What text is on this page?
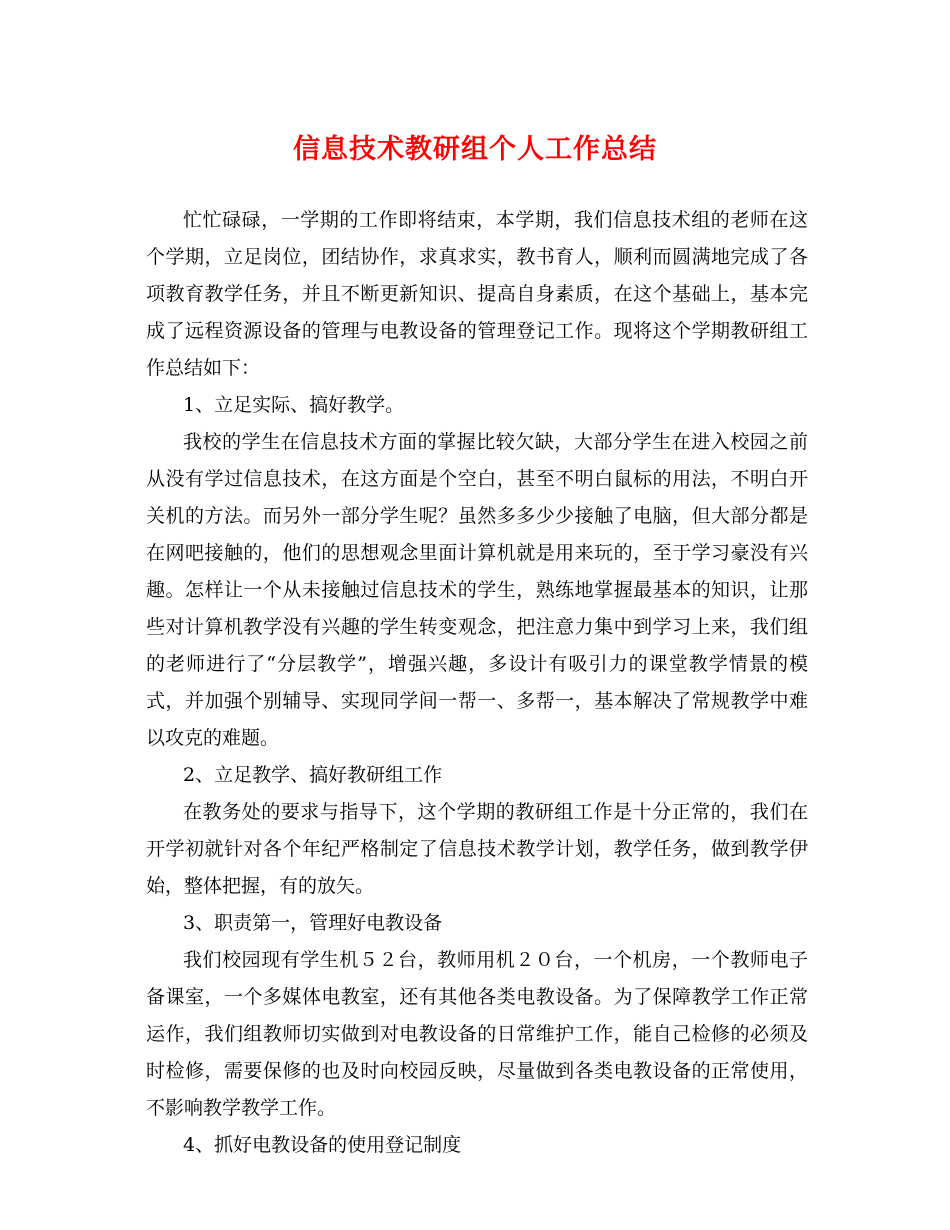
信息技术教研组个人工作总结

忙忙碌碌，一学期的工作即将结束，本学期，我们信息技术组的老师在这个学期，立足岗位，团结协作，求真求实，教书育人，顺利而圆满地完成了各项教育教学任务，并且不断更新知识、提高自身素质，在这个基础上，基本完成了远程资源设备的管理与电教设备的管理登记工作。现将这个学期教研组工作总结如下：

1、立足实际、搞好教学。

我校的学生在信息技术方面的掌握比较欠缺，大部分学生在进入校园之前从没有学过信息技术，在这方面是个空白，甚至不明白鼠标的用法，不明白开关机的方法。而另外一部分学生呢？虽然多多少少接触了电脑，但大部分都是在网吧接触的，他们的思想观念里面计算机就是用来玩的，至于学习豪没有兴趣。怎样让一个从未接触过信息技术的学生，熟练地掌握最基本的知识，让那些对计算机教学没有兴趣的学生转变观念，把注意力集中到学习上来，我们组的老师进行了“分层教学”，增强兴趣，多设计有吸引力的课堂教学情景的模式，并加强个别辅导、实现同学间一帮一、多帮一，基本解决了常规教学中难以攻克的难题。

2、立足教学、搞好教研组工作

在教务处的要求与指导下，这个学期的教研组工作是十分正常的，我们在开学初就针对各个年纪严格制定了信息技术教学计划，教学任务，做到教学伊始，整体把握，有的放矢。

3、职责第一，管理好电教设备

我们校园现有学生机５２台，教师用机２０台，一个机房，一个教师电子备课室，一个多媒体电教室，还有其他各类电教设备。为了保障教学工作正常运作，我们组教师切实做到对电教设备的日常维护工作，能自己检修的必须及时检修，需要保修的也及时向校园反映，尽量做到各类电教设备的正常使用，不影响教学教学工作。

4、抓好电教设备的使用登记制度
